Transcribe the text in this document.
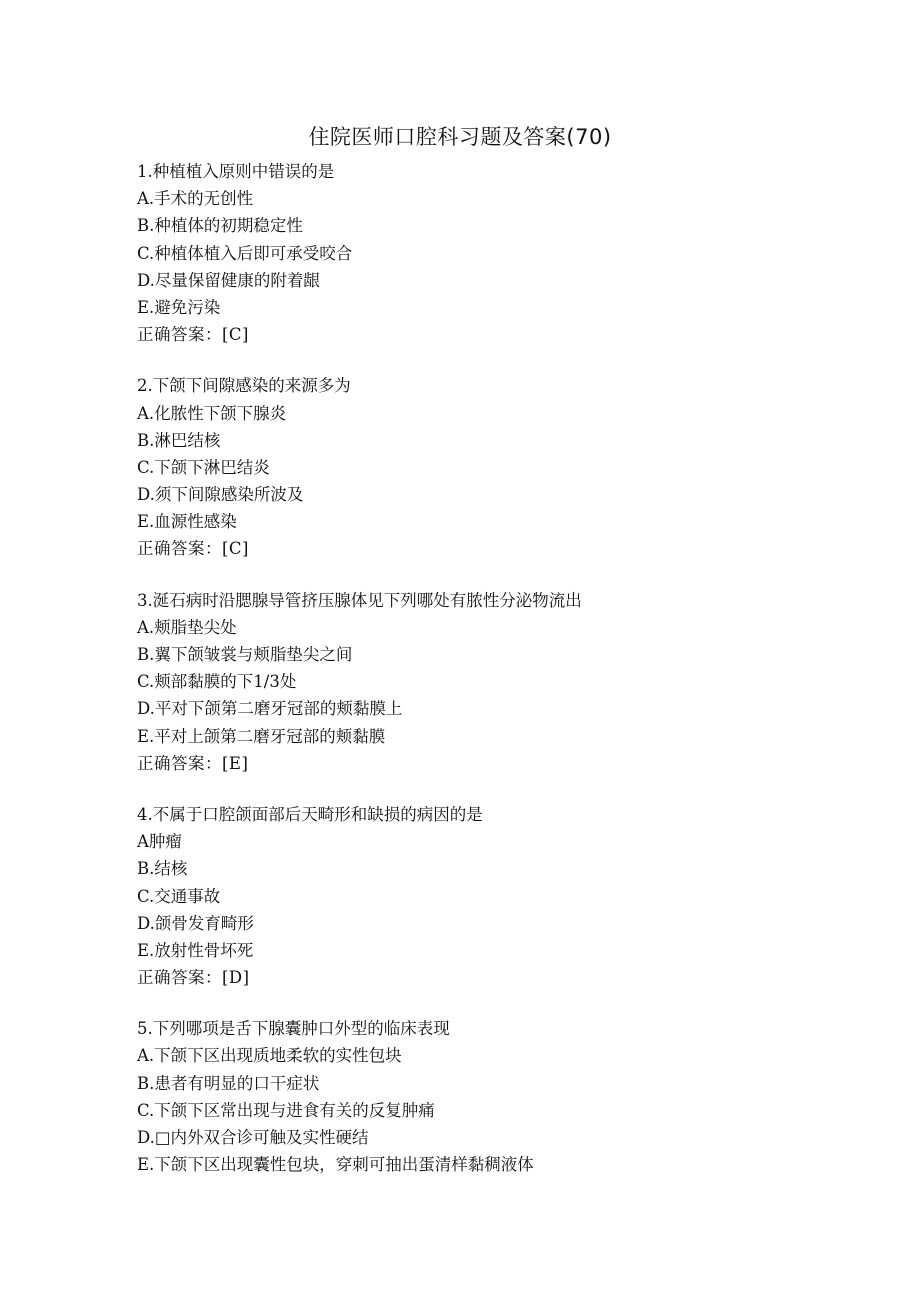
住院医师口腔科习题及答案(70)
1.种植植入原则中错误的是
A.手术的无创性
B.种植体的初期稳定性
C.种植体植入后即可承受咬合
D.尽量保留健康的附着龈
E.避免污染
正确答案：[C]
2.下颌下间隙感染的来源多为
A.化脓性下颌下腺炎
B.淋巴结核
C.下颌下淋巴结炎
D.须下间隙感染所波及
E.血源性感染
正确答案：[C]
3.涎石病时沿腮腺导管挤压腺体见下列哪处有脓性分泌物流出
A.颊脂垫尖处
B.翼下颌皱裳与颊脂垫尖之间
C.颊部黏膜的下1/3处
D.平对下颌第二磨牙冠部的颊黏膜上
E.平对上颌第二磨牙冠部的颊黏膜
正确答案：[E]
4.不属于口腔颌面部后天畸形和缺损的病因的是
A肿瘤
B.结核
C.交通事故
D.颌骨发育畸形
E.放射性骨坏死
正确答案：[D]
5.下列哪项是舌下腺囊肿口外型的临床表现
A.下颌下区出现质地柔软的实性包块
B.患者有明显的口干症状
C.下颌下区常出现与进食有关的反复肿痛
D.□内外双合诊可触及实性硬结
E.下颌下区出现囊性包块，穿刺可抽出蛋清样黏稠液体
